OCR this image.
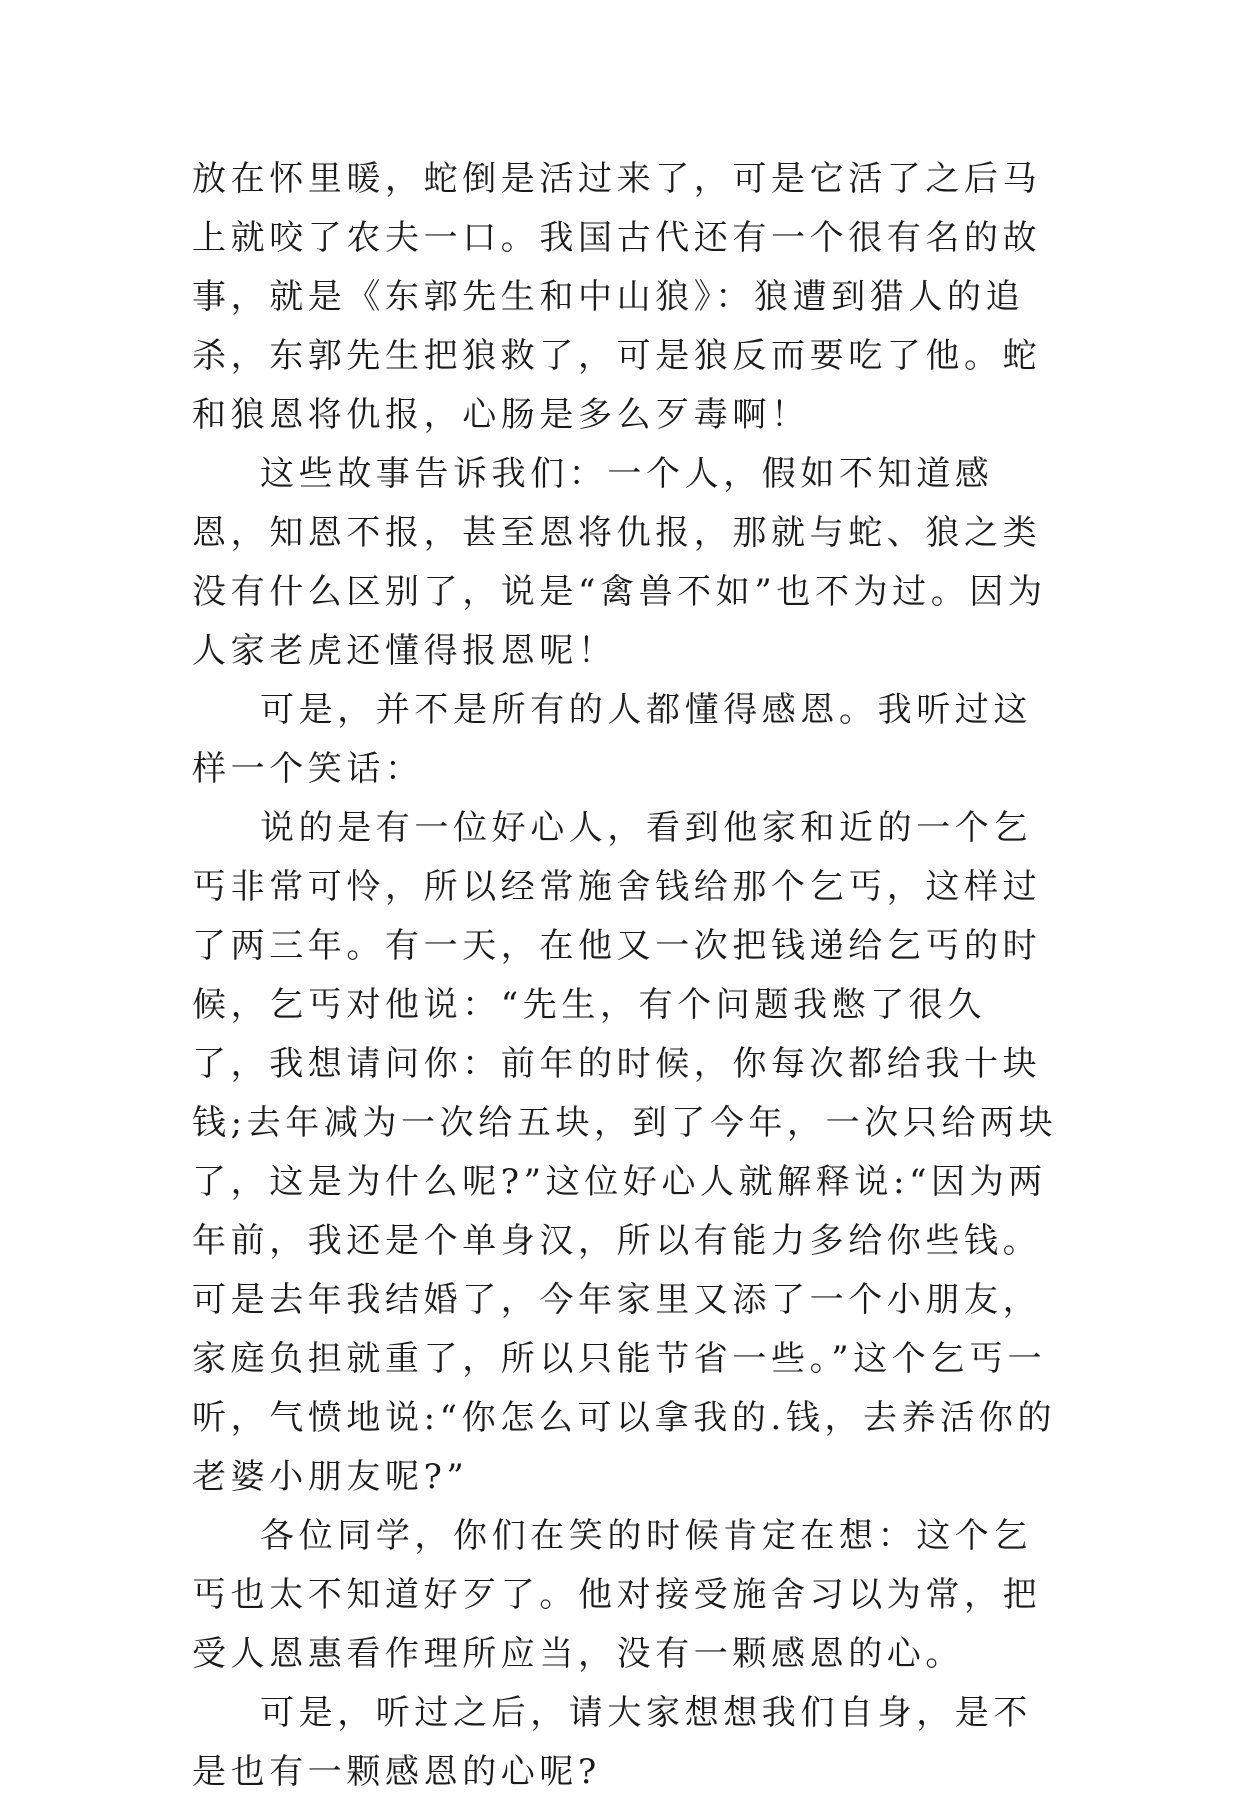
放在怀里暖，蛇倒是活过来了，可是它活了之后马上就咬了农夫一口。我国古代还有一个很有名的故事，就是《东郭先生和中山狼》：狼遭到猎人的追杀，东郭先生把狼救了，可是狼反而要吃了他。蛇和狼恩将仇报，心肠是多么歹毒啊！

这些故事告诉我们：一个人，假如不知道感恩，知恩不报，甚至恩将仇报，那就与蛇、狼之类没有什么区别了，说是“禽兽不如”也不为过。因为人家老虎还懂得报恩呢！

可是，并不是所有的人都懂得感恩。我听过这样一个笑话：

说的是有一位好心人，看到他家和近的一个乞丐非常可怜，所以经常施舍钱给那个乞丐，这样过了两三年。有一天，在他又一次把钱递给乞丐的时候，乞丐对他说：“先生，有个问题我憋了很久了，我想请问你：前年的时候，你每次都给我十块钱;去年减为一次给五块，到了今年，一次只给两块了，这是为什么呢?”这位好心人就解释说:“因为两年前，我还是个单身汉，所以有能力多给你些钱。可是去年我结婚了，今年家里又添了一个小朋友，家庭负担就重了，所以只能节省一些。”这个乞丐一听，气愤地说:“你怎么可以拿我的.钱，去养活你的老婆小朋友呢?”

各位同学，你们在笑的时候肯定在想：这个乞丐也太不知道好歹了。他对接受施舍习以为常，把受人恩惠看作理所应当，没有一颗感恩的心。

可是，听过之后，请大家想想我们自身，是不是也有一颗感恩的心呢?
